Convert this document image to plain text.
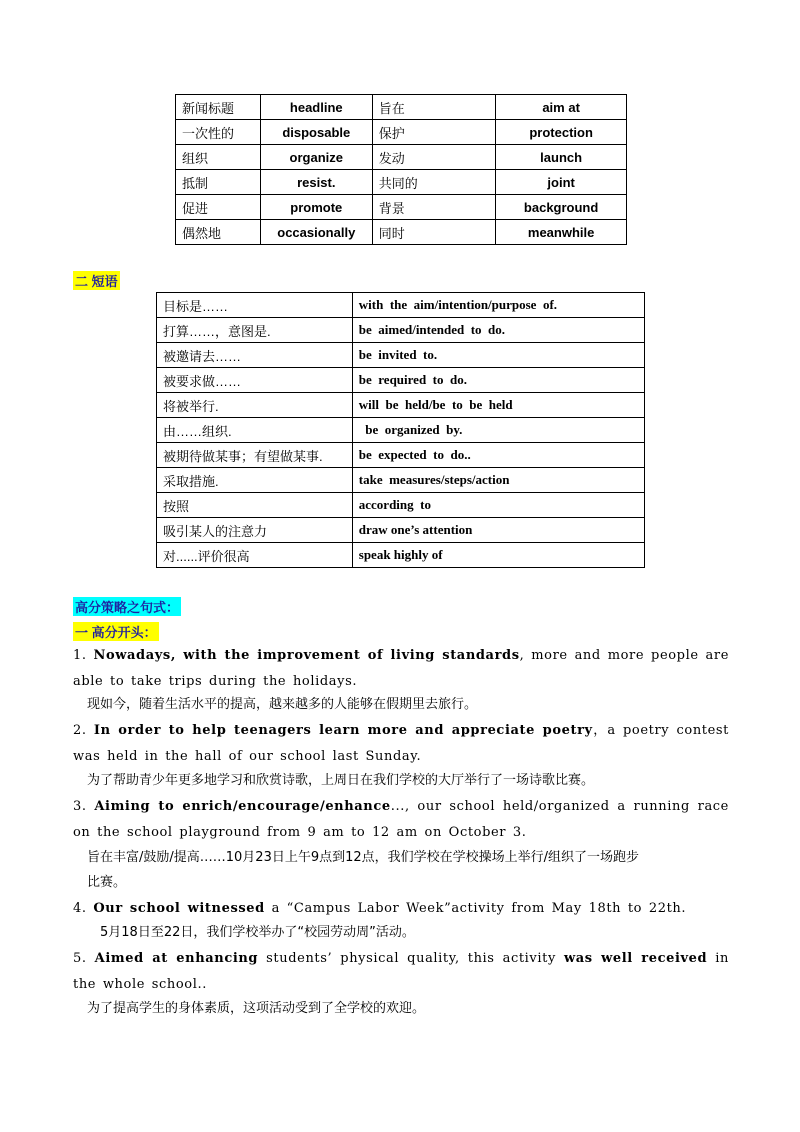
新闻标题	headline	旨在	aim at
一次性的	disposable	保护	protection
组织	organize	发动	launch
抵制	resist.	共同的	joint
促进	promote	背景	background
偶然地	occasionally	同时	meanwhile
二 短语
目标是……	with  the  aim/intention/purpose  of.
打算……，意图是.	be  aimed/intended  to  do.
被邀请去……	be  invited  to.
被要求做……	be  required  to  do.
将被举行.	will  be  held/be  to  be  held
由……组织.	be  organized  by.
被期待做某事；有望做某事.	be  expected  to  do..
采取措施.	take  measures/steps/action
按照	according  to
吸引某人的注意力	draw one’s attention
对......评价很高	speak highly of
高分策略之句式：
一 高分开头：
1. Nowadays, with the improvement of living standards, more and more people are able to take trips during the holidays.
现如今，随着生活水平的提高，越来越多的人能够在假期里去旅行。
2. In order to help teenagers learn more and appreciate poetry，a poetry contest was held in the hall of our school last Sunday.
为了帮助青少年更多地学习和欣赏诗歌，上周日在我们学校的大厅举行了一场诗歌比赛。
3. Aiming to enrich/encourage/enhance..., our school held/organized a running race on the school playground from 9 am to 12 am on October 3.
旨在丰富/鼓励/提高……10月23日上午9点到12点，我们学校在学校操场上举行/组织了一场跑步
比赛。
4. Our school witnessed a “Campus Labor Week”activity from May 18th to 22th.
5月18日至22日，我们学校举办了“校园劳动周”活动。
5. Aimed at enhancing students’ physical quality, this activity was well received in the whole school..
为了提高学生的身体素质，这项活动受到了全学校的欢迎。
